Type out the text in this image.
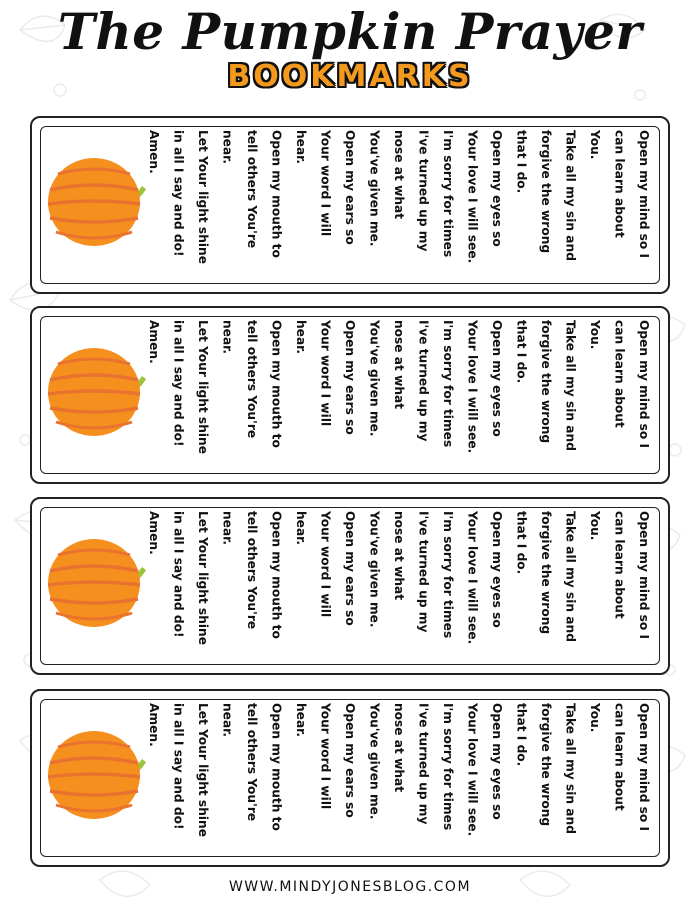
The Pumpkin Prayer
BOOKMARKS
Open my mind so I
can learn about
You.
Take all my sin and
forgive the wrong
that I do.
Open my eyes so
Your love I will see.
I'm sorry for times
I've turned up my
nose at what
You've given me.
Open my ears so
Your word I will
hear.
Open my mouth to
tell others You're
near.
Let Your light shine
in all I say and do!
Amen.
Open my mind so I
can learn about
You.
Take all my sin and
forgive the wrong
that I do.
Open my eyes so
Your love I will see.
I'm sorry for times
I've turned up my
nose at what
You've given me.
Open my ears so
Your word I will
hear.
Open my mouth to
tell others You're
near.
Let Your light shine
in all I say and do!
Amen.
Open my mind so I
can learn about
You.
Take all my sin and
forgive the wrong
that I do.
Open my eyes so
Your love I will see.
I'm sorry for times
I've turned up my
nose at what
You've given me.
Open my ears so
Your word I will
hear.
Open my mouth to
tell others You're
near.
Let Your light shine
in all I say and do!
Amen.
Open my mind so I
can learn about
You.
Take all my sin and
forgive the wrong
that I do.
Open my eyes so
Your love I will see.
I'm sorry for times
I've turned up my
nose at what
You've given me.
Open my ears so
Your word I will
hear.
Open my mouth to
tell others You're
near.
Let Your light shine
in all I say and do!
Amen.
WWW.MINDYJONESBLOG.COM
